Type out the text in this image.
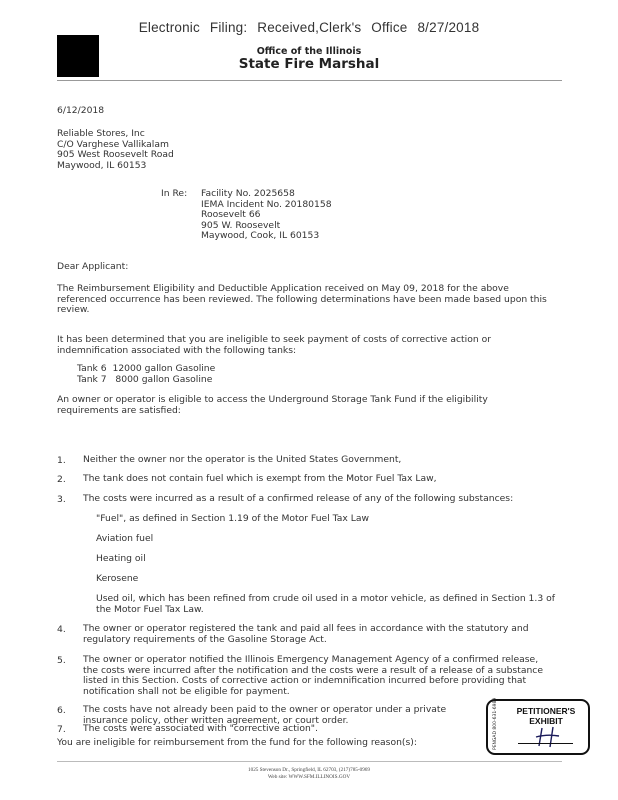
Electronic Filing: Received,Clerk's Office 8/27/2018
Office of the Illinois
State Fire Marshal
6/12/2018
Reliable Stores, Inc
C/O Varghese Vallikalam
905 West Roosevelt Road
Maywood, IL 60153
In Re: Facility No. 2025658
IEMA Incident No. 20180158
Roosevelt 66
905 W. Roosevelt
Maywood, Cook, IL 60153
Dear Applicant:
The Reimbursement Eligibility and Deductible Application received on May 09, 2018 for the above referenced occurrence has been reviewed. The following determinations have been made based upon this review.
It has been determined that you are ineligible to seek payment of costs of corrective action or indemnification associated with the following tanks:
Tank 6  12000 gallon Gasoline
Tank 7   8000 gallon Gasoline
An owner or operator is eligible to access the Underground Storage Tank Fund if the eligibility requirements are satisfied:
1. Neither the owner nor the operator is the United States Government,
2. The tank does not contain fuel which is exempt from the Motor Fuel Tax Law,
3. The costs were incurred as a result of a confirmed release of any of the following substances:
"Fuel", as defined in Section 1.19 of the Motor Fuel Tax Law
Aviation fuel
Heating oil
Kerosene
Used oil, which has been refined from crude oil used in a motor vehicle, as defined in Section 1.3 of the Motor Fuel Tax Law.
4. The owner or operator registered the tank and paid all fees in accordance with the statutory and regulatory requirements of the Gasoline Storage Act.
5. The owner or operator notified the Illinois Emergency Management Agency of a confirmed release, the costs were incurred after the notification and the costs were a result of a release of a substance listed in this Section. Costs of corrective action or indemnification incurred before providing that notification shall not be eligible for payment.
6. The costs have not already been paid to the owner or operator under a private insurance policy, other written agreement, or court order.
7. The costs were associated with "corrective action".
You are ineligible for reimbursement from the fund for the following reason(s):
1025 Stevenson Dr., Springfield, IL 62703, (217)785-0969
Web site: WWW.SFM.ILLINOIS.GOV
PENGAD 800-631-6989	PETITIONER'S
EXHIBIT
